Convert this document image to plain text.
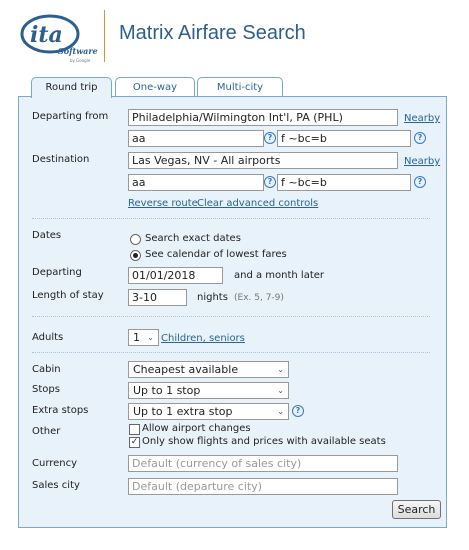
ita
Software
by Google
Matrix Airfare Search
Round trip	One-way	Multi-city
Departing from	Philadelphia/Wilmington Int'l, PA (PHL)	Nearby
aa	? f ~bc=b	?
Destination	Las Vegas, NV - All airports	Nearby
aa	? f ~bc=b	?
Reverse route Clear advanced controls
Dates	Search exact dates
See calendar of lowest fares
Departing	01/01/2018	and a month later
Length of stay	3-10	nights (Ex. 5, 7-9)
Adults	1 ⌄ Children, seniors
Cabin	Cheapest available	⌄
Stops	Up to 1 stop	⌄
Extra stops	Up to 1 extra stop	⌄	?
Other	Allow airport changes
✓ Only show flights and prices with available seats
Currency	Default (currency of sales city)
Sales city	Default (departure city)
Search
